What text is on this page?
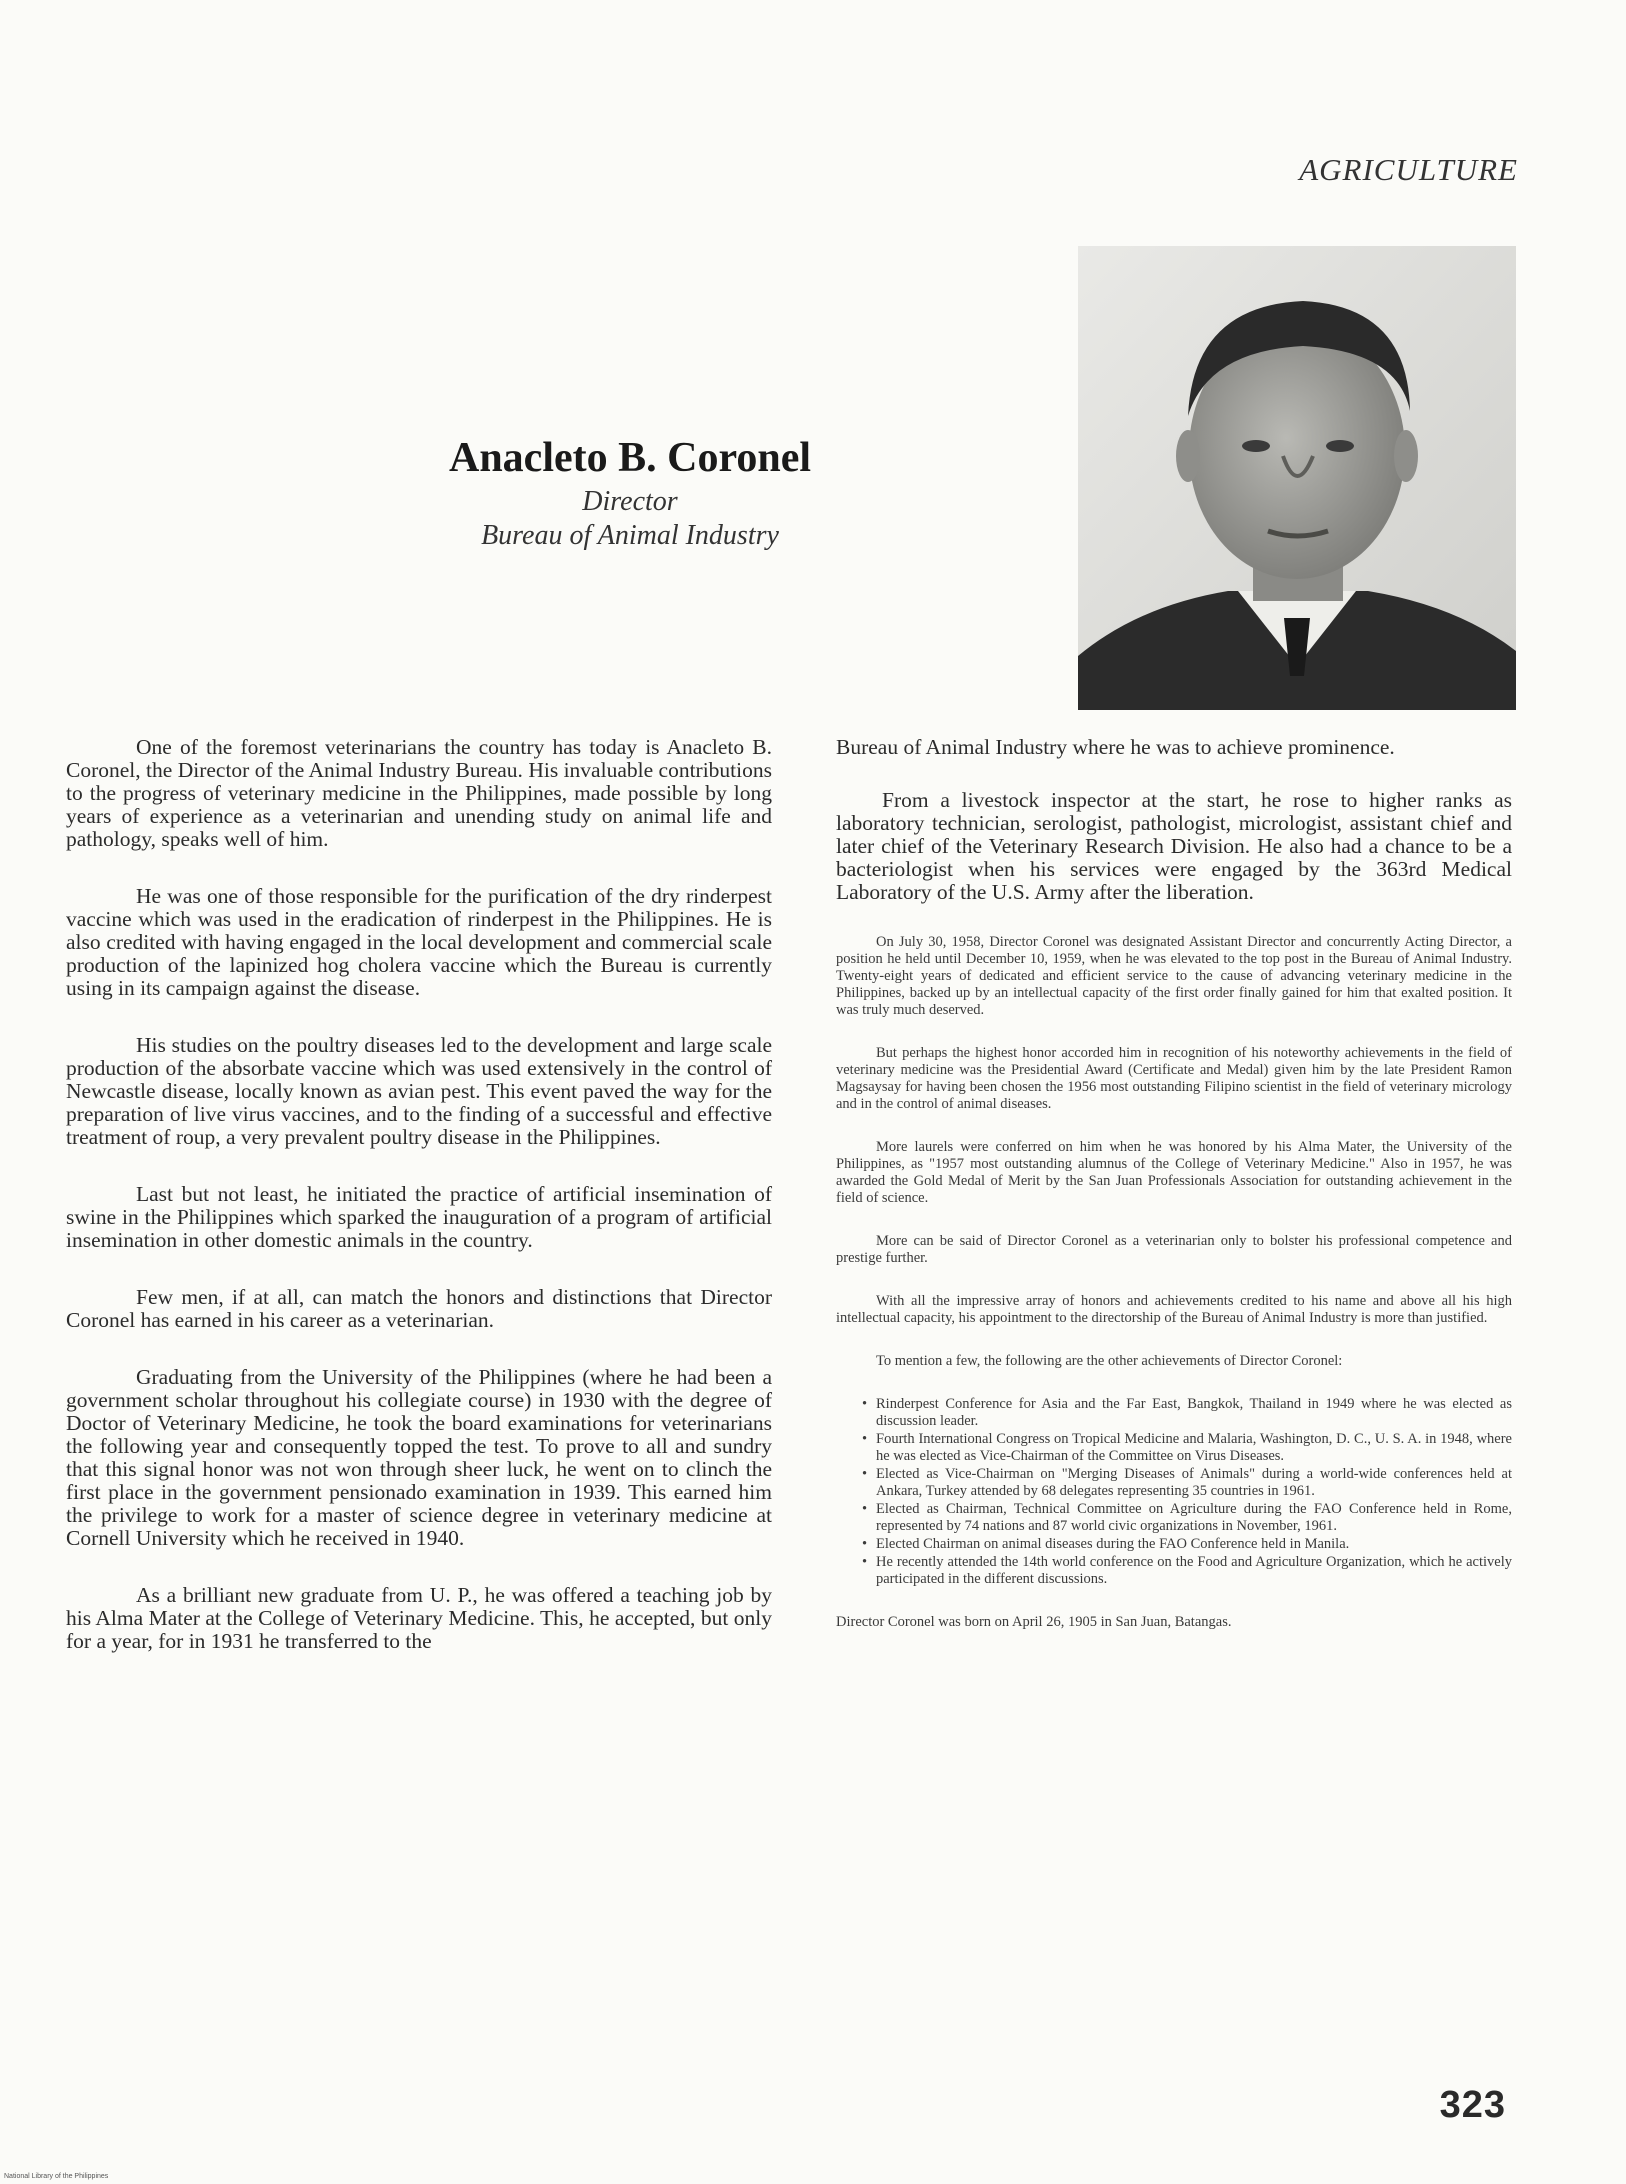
AGRICULTURE
Anacleto B. Coronel
Director
Bureau of Animal Industry

One of the foremost veterinarians the country has today is Anacleto B. Coronel, the Director of the Animal Industry Bureau. His invaluable contributions to the progress of veterinary medicine in the Philippines, made possible by long years of experience as a veterinarian and unending study on animal life and pathology, speaks well of him.

He was one of those responsible for the purification of the dry rinderpest vaccine which was used in the eradication of rinderpest in the Philippines. He is also credited with having engaged in the local development and commercial scale production of the lapinized hog cholera vaccine which the Bureau is currently using in its campaign against the disease.

His studies on the poultry diseases led to the development and large scale production of the absorbate vaccine which was used extensively in the control of Newcastle disease, locally known as avian pest. This event paved the way for the preparation of live virus vaccines, and to the finding of a successful and effective treatment of roup, a very prevalent poultry disease in the Philippines.

Last but not least, he initiated the practice of artificial insemination of swine in the Philippines which sparked the inauguration of a program of artificial insemination in other domestic animals in the country.

Few men, if at all, can match the honors and distinctions that Director Coronel has earned in his career as a veterinarian.

Graduating from the University of the Philippines (where he had been a government scholar throughout his collegiate course) in 1930 with the degree of Doctor of Veterinary Medicine, he took the board examinations for veterinarians the following year and consequently topped the test. To prove to all and sundry that this signal honor was not won through sheer luck, he went on to clinch the first place in the government pensionado examination in 1939. This earned him the privilege to work for a master of science degree in veterinary medicine at Cornell University which he received in 1940.

As a brilliant new graduate from U. P., he was offered a teaching job by his Alma Mater at the College of Veterinary Medicine. This, he accepted, but only for a year, for in 1931 he transferred to the

Bureau of Animal Industry where he was to achieve prominence.

From a livestock inspector at the start, he rose to higher ranks as laboratory technician, serologist, pathologist, micrologist, assistant chief and later chief of the Veterinary Research Division. He also had a chance to be a bacteriologist when his services were engaged by the 363rd Medical Laboratory of the U.S. Army after the liberation.

On July 30, 1958, Director Coronel was designated Assistant Director and concurrently Acting Director, a position he held until December 10, 1959, when he was elevated to the top post in the Bureau of Animal Industry. Twenty-eight years of dedicated and efficient service to the cause of advancing veterinary medicine in the Philippines, backed up by an intellectual capacity of the first order finally gained for him that exalted position. It was truly much deserved.

But perhaps the highest honor accorded him in recognition of his noteworthy achievements in the field of veterinary medicine was the Presidential Award (Certificate and Medal) given him by the late President Ramon Magsaysay for having been chosen the 1956 most outstanding Filipino scientist in the field of veterinary micrology and in the control of animal diseases.

More laurels were conferred on him when he was honored by his Alma Mater, the University of the Philippines, as "1957 most outstanding alumnus of the College of Veterinary Medicine." Also in 1957, he was awarded the Gold Medal of Merit by the San Juan Professionals Association for outstanding achievement in the field of science.

More can be said of Director Coronel as a veterinarian only to bolster his professional competence and prestige further.

With all the impressive array of honors and achievements credited to his name and above all his high intellectual capacity, his appointment to the directorship of the Bureau of Animal Industry is more than justified.

To mention a few, the following are the other achievements of Director Coronel:

• Rinderpest Conference for Asia and the Far East, Bangkok, Thailand in 1949 where he was elected as discussion leader.
• Fourth International Congress on Tropical Medicine and Malaria, Washington, D. C., U. S. A. in 1948, where he was elected as Vice-Chairman of the Committee on Virus Diseases.
• Elected as Vice-Chairman on "Merging Diseases of Animals" during a world-wide conferences held at Ankara, Turkey attended by 68 delegates representing 35 countries in 1961.
• Elected as Chairman, Technical Committee on Agriculture during the FAO Conference held in Rome, represented by 74 nations and 87 world civic organizations in November, 1961.
• Elected Chairman on animal diseases during the FAO Conference held in Manila.
• He recently attended the 14th world conference on the Food and Agriculture Organization, which he actively participated in the different discussions.

Director Coronel was born on April 26, 1905 in San Juan, Batangas.

323
National Library of the Philippines
